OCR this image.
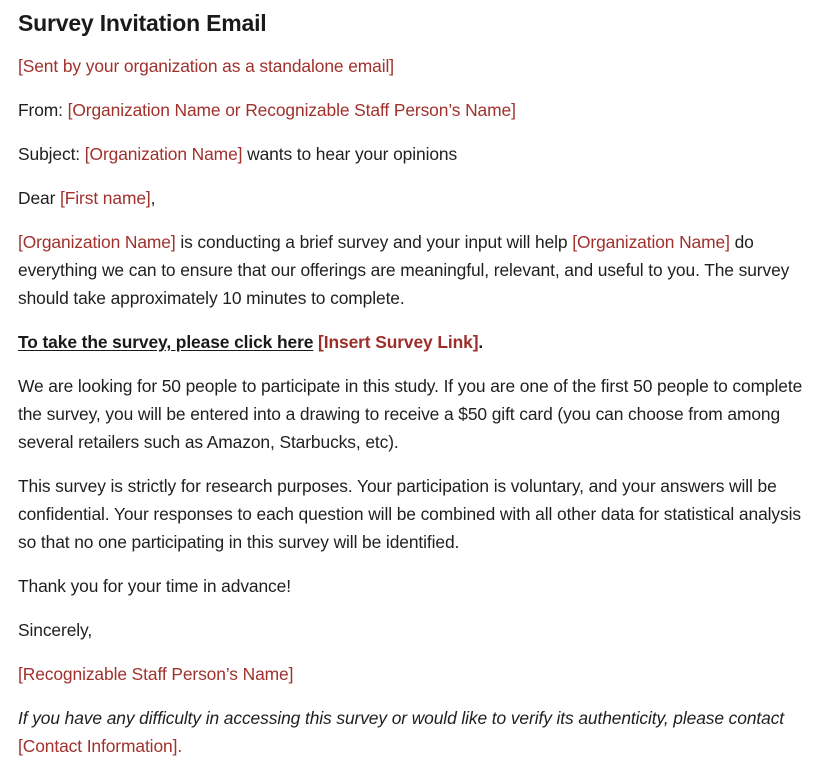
Survey Invitation Email

[Sent by your organization as a standalone email]

From: [Organization Name or Recognizable Staff Person’s Name]

Subject: [Organization Name] wants to hear your opinions

Dear [First name],

[Organization Name] is conducting a brief survey and your input will help [Organization Name] do everything we can to ensure that our offerings are meaningful, relevant, and useful to you. The survey should take approximately 10 minutes to complete.

To take the survey, please click here [Insert Survey Link].

We are looking for 50 people to participate in this study. If you are one of the first 50 people to complete the survey, you will be entered into a drawing to receive a $50 gift card (you can choose from among several retailers such as Amazon, Starbucks, etc).

This survey is strictly for research purposes. Your participation is voluntary, and your answers will be confidential. Your responses to each question will be combined with all other data for statistical analysis so that no one participating in this survey will be identified.

Thank you for your time in advance!

Sincerely,

[Recognizable Staff Person’s Name]

If you have any difficulty in accessing this survey or would like to verify its authenticity, please contact [Contact Information].
